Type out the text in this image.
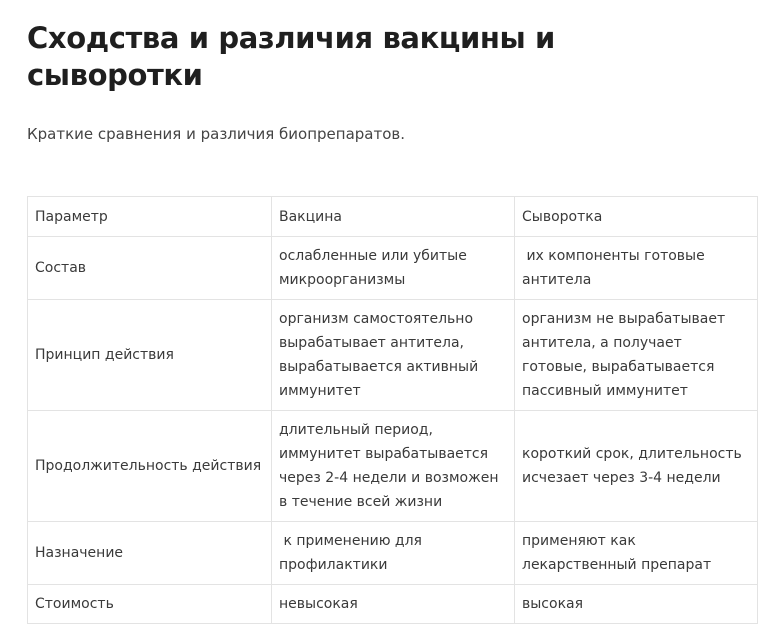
Сходства и различия вакцины и сыворотки

Краткие сравнения и различия биопрепаратов.

Параметр	Вакцина	Сыворотка
Состав	ослабленные или убитые микроорганизмы	их компоненты готовые антитела
Принцип действия	организм самостоятельно вырабатывает антитела, вырабатывается активный иммунитет	организм не вырабатывает антитела, а получает готовые, вырабатывается пассивный иммунитет
Продолжительность действия	длительный период, иммунитет вырабатывается через 2-4 недели и возможен в течение всей жизни	короткий срок, длительность исчезает через 3-4 недели
Назначение	к применению для профилактики	применяют как лекарственный препарат
Стоимость	невысокая	высокая
